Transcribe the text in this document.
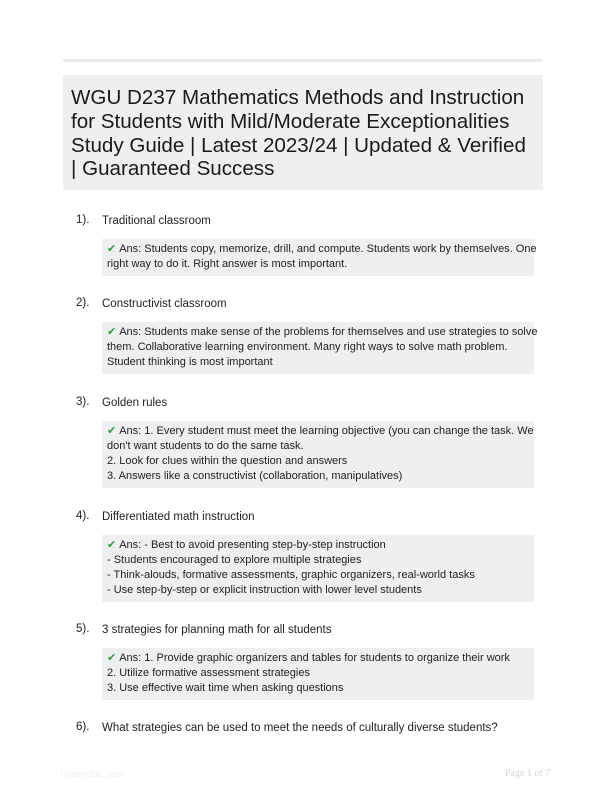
WGU D237 Mathematics Methods and Instruction for Students with Mild/Moderate Exceptionalities Study Guide | Latest 2023/24 | Updated & Verified | Guaranteed Success
1). Traditional classroom
✔ Ans: Students copy, memorize, drill, and compute. Students work by themselves. One
right way to do it. Right answer is most important.
2). Constructivist classroom
✔ Ans: Students make sense of the problems for themselves and use strategies to solve
them. Collaborative learning environment. Many right ways to solve math problem.
Student thinking is most important
3). Golden rules
✔ Ans: 1. Every student must meet the learning objective (you can change the task. We
don't want students to do the same task.
2. Look for clues within the question and answers
3. Answers like a constructivist (collaboration, manipulatives)
4). Differentiated math instruction
✔ Ans: - Best to avoid presenting step-by-step instruction
- Students encouraged to explore multiple strategies
- Think-alouds, formative assessments, graphic organizers, real-world tasks
- Use step-by-step or explicit instruction with lower level students
5). 3 strategies for planning math for all students
✔ Ans: 1. Provide graphic organizers and tables for students to organize their work
2. Utilize formative assessment strategies
3. Use effective wait time when asking questions
6). What strategies can be used to meet the needs of culturally diverse students?
Paperslibic.com	Page 1 of 7
